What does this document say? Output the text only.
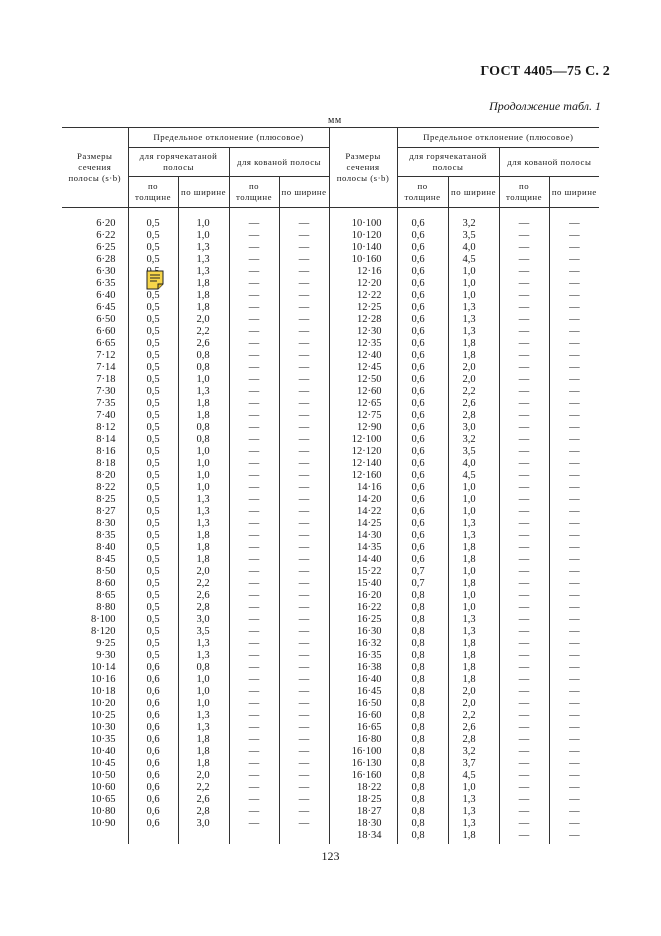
ГОСТ 4405—75 С. 2
Продолжение табл. 1
мм
Размеры сечения полосы (s·b)	Предельное отклонение (плюсовое)				Размеры сечения полосы (s·b)	Предельное отклонение (плюсовое)			
	для горячекатаной полосы		для кованой полосы			для горячекатаной полосы		для кованой полосы	
	по толщине	по ширине	по толщине	по ширине		по толщине	по ширине	по толщине	по ширине
6·20	0,5	1,0	—	—	10·100	0,6	3,2	—	—
6·22	0,5	1,0	—	—	10·120	0,6	3,5	—	—
6·25	0,5	1,3	—	—	10·140	0,6	4,0	—	—
6·28	0,5	1,3	—	—	10·160	0,6	4,5	—	—
6·30		1,3	—	—	12·16	0,6	1,0	—	—
6·35		1,8	—	—	12·20	0,6	1,0	—	—
6·40	0,5	1,8	—	—	12·22	0,6	1,0	—	—
6·45	0,5	1,8	—	—	12·25	0,6	1,3	—	—
6·50	0,5	2,0	—	—	12·28	0,6	1,3	—	—
6·60	0,5	2,2	—	—	12·30	0,6	1,3	—	—
6·65	0,5	2,6	—	—	12·35	0,6	1,8	—	—
7·12	0,5	0,8	—	—	12·40	0,6	1,8	—	—
7·14	0,5	0,8	—	—	12·45	0,6	2,0	—	—
7·18	0,5	1,0	—	—	12·50	0,6	2,0	—	—
7·30	0,5	1,3	—	—	12·60	0,6	2,2	—	—
7·35	0,5	1,8	—	—	12·65	0,6	2,6	—	—
7·40	0,5	1,8	—	—	12·75	0,6	2,8	—	—
8·12	0,5	0,8	—	—	12·90	0,6	3,0	—	—
8·14	0,5	0,8	—	—	12·100	0,6	3,2	—	—
8·16	0,5	1,0	—	—	12·120	0,6	3,5	—	—
8·18	0,5	1,0	—	—	12·140	0,6	4,0	—	—
8·20	0,5	1,0	—	—	12·160	0,6	4,5	—	—
8·22	0,5	1,0	—	—	14·16	0,6	1,0	—	—
8·25	0,5	1,3	—	—	14·20	0,6	1,0	—	—
8·27	0,5	1,3	—	—	14·22	0,6	1,0	—	—
8·30	0,5	1,3	—	—	14·25	0,6	1,3	—	—
8·35	0,5	1,8	—	—	14·30	0,6	1,3	—	—
8·40	0,5	1,8	—	—	14·35	0,6	1,8	—	—
8·45	0,5	1,8	—	—	14·40	0,6	1,8	—	—
8·50	0,5	2,0	—	—	15·22	0,7	1,0	—	—
8·60	0,5	2,2	—	—	15·40	0,7	1,8	—	—
8·65	0,5	2,6	—	—	16·20	0,8	1,0	—	—
8·80	0,5	2,8	—	—	16·22	0,8	1,0	—	—
8·100	0,5	3,0	—	—	16·25	0,8	1,3	—	—
8·120	0,5	3,5	—	—	16·30	0,8	1,3	—	—
9·25	0,5	1,3	—	—	16·32	0,8	1,8	—	—
9·30	0,5	1,3	—	—	16·35	0,8	1,8	—	—
10·14	0,6	0,8	—	—	16·38	0,8	1,8	—	—
10·16	0,6	1,0	—	—	16·40	0,8	1,8	—	—
10·18	0,6	1,0	—	—	16·45	0,8	2,0	—	—
10·20	0,6	1,0	—	—	16·50	0,8	2,0	—	—
10·25	0,6	1,3	—	—	16·60	0,8	2,2	—	—
10·30	0,6	1,3	—	—	16·65	0,8	2,6	—	—
10·35	0,6	1,8	—	—	16·80	0,8	2,8	—	—
10·40	0,6	1,8	—	—	16·100	0,8	3,2	—	—
10·45	0,6	1,8	—	—	16·130	0,8	3,7	—	—
10·50	0,6	2,0	—	—	16·160	0,8	4,5	—	—
10·60	0,6	2,2	—	—	18·22	0,8	1,0	—	—
10·65	0,6	2,6	—	—	18·25	0,8	1,3	—	—
10·80	0,6	2,8	—	—	18·27	0,8	1,3	—	—
10·90	0,6	3,0	—	—	18·30	0,8	1,3	—	—
					18·34	0,8	1,8	—	—
123
